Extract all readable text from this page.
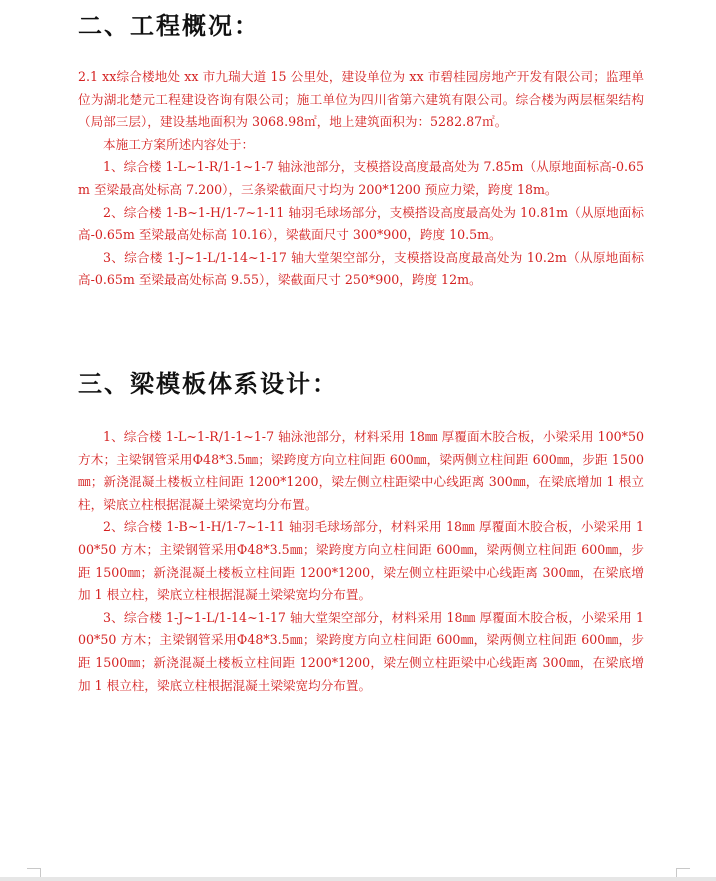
二、工程概况：

2.1 xx综合楼地处 xx 市九瑞大道 15 公里处，建设单位为 xx 市碧桂园房地产开发有限公司；监理单位为湖北楚元工程建设咨询有限公司；施工单位为四川省第六建筑有限公司。综合楼为两层框架结构（局部三层），建设基地面积为 3068.98㎡，地上建筑面积为：5282.87㎡。

本施工方案所述内容处于：

1、综合楼 1-L~1-R/1-1~1-7 轴泳池部分，支模搭设高度最高处为 7.85m（从原地面标高-0.65m 至梁最高处标高 7.200），三条梁截面尺寸均为 200*1200 预应力梁，跨度 18m。

2、综合楼 1-B~1-H/1-7~1-11 轴羽毛球场部分，支模搭设高度最高处为 10.81m（从原地面标高-0.65m 至梁最高处标高 10.16），梁截面尺寸 300*900，跨度 10.5m。

3、综合楼 1-J~1-L/1-14~1-17 轴大堂架空部分，支模搭设高度最高处为 10.2m（从原地面标高-0.65m 至梁最高处标高 9.55），梁截面尺寸 250*900，跨度 12m。

三、梁模板体系设计：

1、综合楼 1-L~1-R/1-1~1-7 轴泳池部分，材料采用 18㎜ 厚覆面木胶合板，小梁采用 100*50 方木；主梁钢管采用Ф48*3.5㎜；梁跨度方向立柱间距 600㎜，梁两侧立柱间距 600㎜，步距 1500㎜；新浇混凝土楼板立柱间距 1200*1200，梁左侧立柱距梁中心线距离 300㎜，在梁底增加 1 根立柱，梁底立柱根据混凝土梁梁宽均分布置。

2、综合楼 1-B~1-H/1-7~1-11 轴羽毛球场部分，材料采用 18㎜ 厚覆面木胶合板，小梁采用 100*50 方木；主梁钢管采用Ф48*3.5㎜；梁跨度方向立柱间距 600㎜，梁两侧立柱间距 600㎜，步距 1500㎜；新浇混凝土楼板立柱间距 1200*1200，梁左侧立柱距梁中心线距离 300㎜，在梁底增加 1 根立柱，梁底立柱根据混凝土梁梁宽均分布置。

3、综合楼 1-J~1-L/1-14~1-17 轴大堂架空部分，材料采用 18㎜ 厚覆面木胶合板，小梁采用 100*50 方木；主梁钢管采用Ф48*3.5㎜；梁跨度方向立柱间距 600㎜，梁两侧立柱间距 600㎜，步距 1500㎜；新浇混凝土楼板立柱间距 1200*1200，梁左侧立柱距梁中心线距离 300㎜，在梁底增加 1 根立柱，梁底立柱根据混凝土梁梁宽均分布置。
